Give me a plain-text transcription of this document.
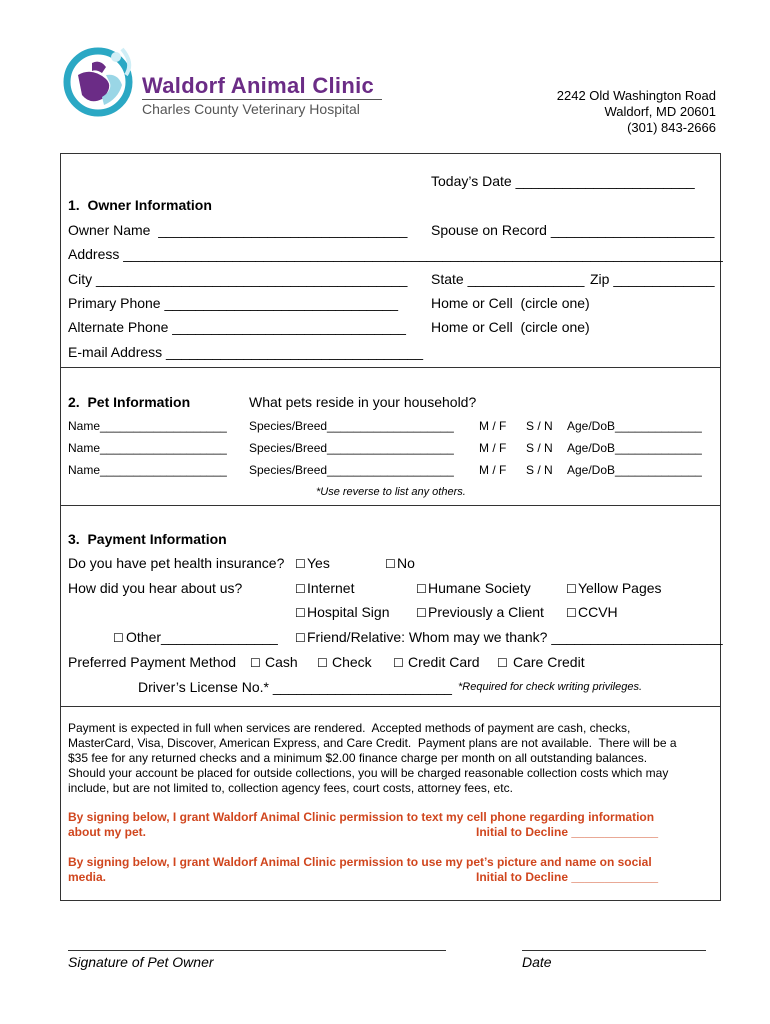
Waldorf Animal Clinic

Charles County Veterinary Hospital

2242 Old Washington Road
Waldorf, MD 20601
(301) 843-2666
Today’s Date _______________________
1.  Owner Information
Owner Name  ________________________________ Spouse on Record _____________________
Address _____________________________________________________________________________
City ________________________________________ State _______________ Zip _____________
Primary Phone ______________________________ Home or Cell  (circle one)
Alternate Phone ______________________________ Home or Cell  (circle one)
E-mail Address _________________________________
2.  Pet Information	What pets reside in your household?
Name___________________ Species/Breed___________________ M / F S / N Age/DoB_____________
Name___________________ Species/Breed___________________ M / F S / N Age/DoB_____________
Name___________________ Species/Breed___________________ M / F S / N Age/DoB_____________
*Use reverse to list any others.
3.  Payment Information
Do you have pet health insurance? ☐ Yes	☐ No
How did you hear about us?	☐ Internet	☐ Humane Society	☐ Yellow Pages
☐ Hospital Sign ☐ Previously a Client ☐ CCVH
☐ Other_______________ ☐ Friend/Relative: Whom may we thank? ______________________
Preferred Payment Method ☐ Cash ☐ Check ☐ Credit Card ☐ Care Credit
Driver’s License No.* _______________________ *Required for check writing privileges.
Payment is expected in full when services are rendered.  Accepted methods of payment are cash, checks,
MasterCard, Visa, Discover, American Express, and Care Credit.  Payment plans are not available.  There will be a
$35 fee for any returned checks and a minimum $2.00 finance charge per month on all outstanding balances.
Should your account be placed for outside collections, you will be charged reasonable collection costs which may
include, but are not limited to, collection agency fees, court costs, attorney fees, etc.
By signing below, I grant Waldorf Animal Clinic permission to text my cell phone regarding information
about my pet.	Initial to Decline _____________
By signing below, I grant Waldorf Animal Clinic permission to use my pet’s picture and name on social
media.	Initial to Decline _____________
Signature of Pet Owner	Date
